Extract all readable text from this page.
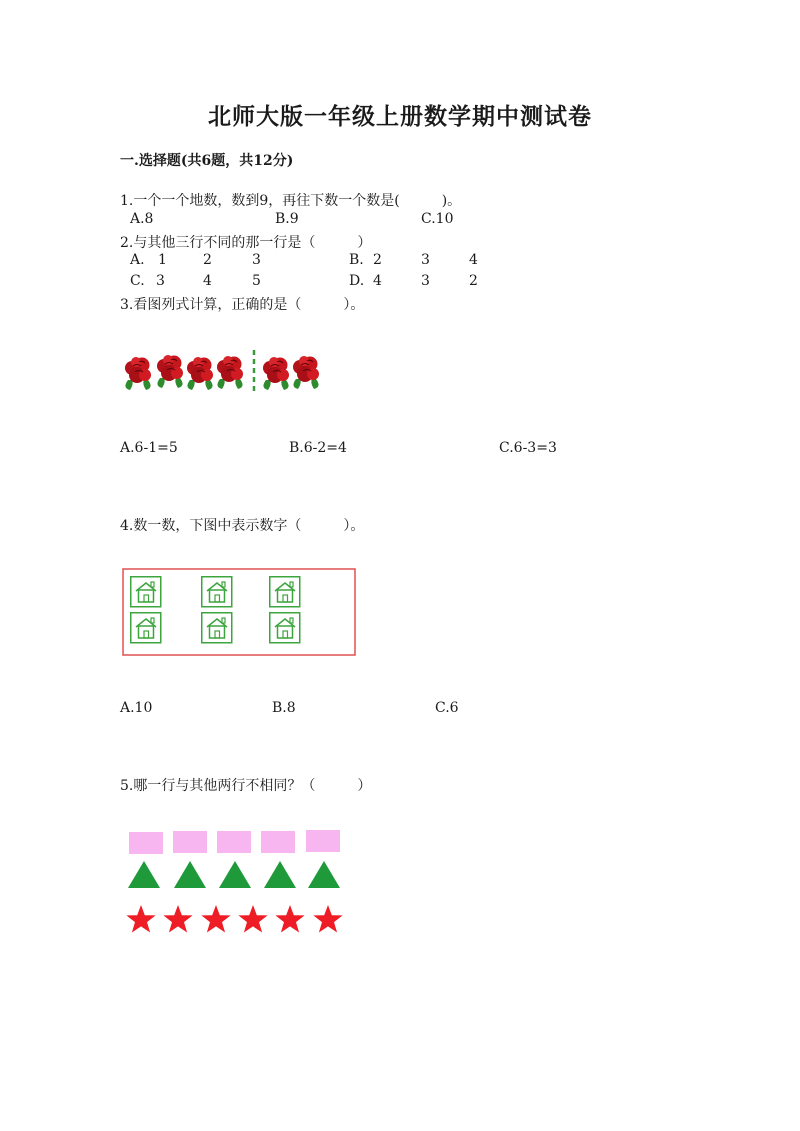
北师大版一年级上册数学期中测试卷
一.选择题(共6题，共12分)
1.一个一个地数，数到9，再往下数一个数是(　　　)。
A.8	B.9	C.10
2.与其他三行不同的那一行是（　　　）
A. 1	2	3	B. 2	3	4
C. 3	4	5	D. 4	3	2
3.看图列式计算，正确的是（　　　）。
A.6-1=5	B.6-2=4	C.6-3=3
4.数一数，下图中表示数字（　　　）。
A.10	B.8	C.6
5.哪一行与其他两行不相同？（　　　）
